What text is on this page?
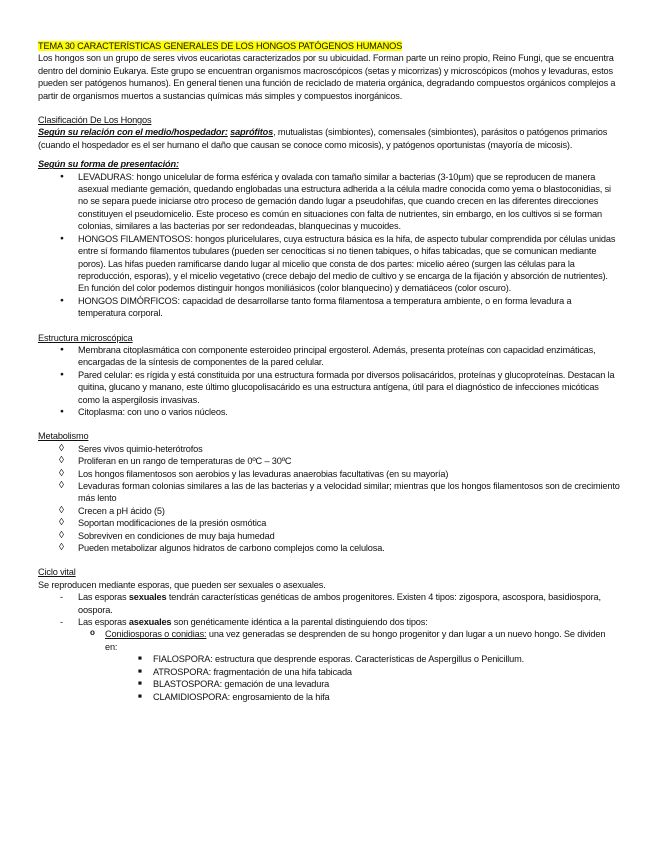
TEMA 30 CARACTERÍSTICAS GENERALES DE LOS HONGOS PATÓGENOS HUMANOS

Los hongos son un grupo de seres vivos eucariotas caracterizados por su ubicuidad. Forman parte un reino propio, Reino Fungi, que se encuentra dentro del dominio Eukarya. Este grupo se encuentran organismos macroscópicos (setas y micorrizas) y microscópicos (mohos y levaduras, estos pueden ser patógenos humanos). En general tienen una función de reciclado de materia orgánica, degradando compuestos orgánicos complejos a partir de organismos muertos a sustancias químicas más simples y compuestos inorgánicos.

Clasificación De Los Hongos

Según su relación con el medio/hospedador: saprófitos, mutualistas (simbiontes), comensales (simbiontes), parásitos o patógenos primarios (cuando el hospedador es el ser humano el daño que causan se conoce como micosis), y patógenos oportunistas (mayoría de micosis).

Según su forma de presentación:

● LEVADURAS: hongo unicelular de forma esférica y ovalada con tamaño similar a bacterias (3-10µm) que se reproducen de manera asexual mediante gemación, quedando englobadas una estructura adherida a la célula madre conocida como yema o blastoconidias, si no se separa puede iniciarse otro proceso de gemación dando lugar a pseudohifas, que cuando crecen en las diferentes direcciones constituyen el pseudomicelio. Este proceso es común en situaciones con falta de nutrientes, sin embargo, en los cultivos si se forman colonias, similares a las bacterias por ser redondeadas, blanquecinas y mucoides.
● HONGOS FILAMENTOSOS: hongos pluricelulares, cuya estructura básica es la hifa, de aspecto tubular comprendida por células unidas entre sí formando filamentos tubulares (pueden ser cenocíticas si no tienen tabiques, o hifas tabicadas, que se comunican mediante poros). Las hifas pueden ramificarse dando lugar al micelio que consta de dos partes: micelio aéreo (surgen las células para la reproducción, esporas), y el micelio vegetativo (crece debajo del medio de cultivo y se encarga de la fijación y absorción de nutrientes). En función del color podemos distinguir hongos moniliásicos (color blanquecino) y dematiáceos (color oscuro).
● HONGOS DIMÓRFICOS: capacidad de desarrollarse tanto forma filamentosa a temperatura ambiente, o en forma levadura a temperatura corporal.

Estructura microscópica

● Membrana citoplasmática con componente esteroideo principal ergosterol. Además, presenta proteínas con capacidad enzimáticas, encargadas de la síntesis de componentes de la pared celular.
● Pared celular: es rígida y está constituida por una estructura formada por diversos polisacáridos, proteínas y glucoproteínas. Destacan la quitina, glucano y manano, este último glucopolisacárido es una estructura antígena, útil para el diagnóstico de infecciones micóticas como la aspergilosis invasivas.
● Citoplasma: con uno o varios núcleos.

Metabolismo

◊ Seres vivos quimio-heterótrofos
◊ Proliferan en un rango de temperaturas de 0ºC – 30ºC
◊ Los hongos filamentosos son aerobios y las levaduras anaerobias facultativas (en su mayoría)
◊ Levaduras forman colonias similares a las de las bacterias y a velocidad similar; mientras que los hongos filamentosos son de crecimiento más lento
◊ Crecen a pH ácido (5)
◊ Soportan modificaciones de la presión osmótica
◊ Sobreviven en condiciones de muy baja humedad
◊ Pueden metabolizar algunos hidratos de carbono complejos como la celulosa.

Ciclo vital

Se reproducen mediante esporas, que pueden ser sexuales o asexuales.

- Las esporas sexuales tendrán características genéticas de ambos progenitores. Existen 4 tipos: zigospora, ascospora, basidiospora, oospora.
- Las esporas asexuales son genéticamente idéntica a la parental distinguiendo dos tipos:
o Conidiosporas o conidias: una vez generadas se desprenden de su hongo progenitor y dan lugar a un nuevo hongo. Se dividen en:
■ FIALOSPORA: estructura que desprende esporas. Características de Aspergillus o Penicillum.
■ ATROSPORA: fragmentación de una hifa tabicada
■ BLASTOSPORA: gemación de una levadura
■ CLAMIDIOSPORA: engrosamiento de la hifa
